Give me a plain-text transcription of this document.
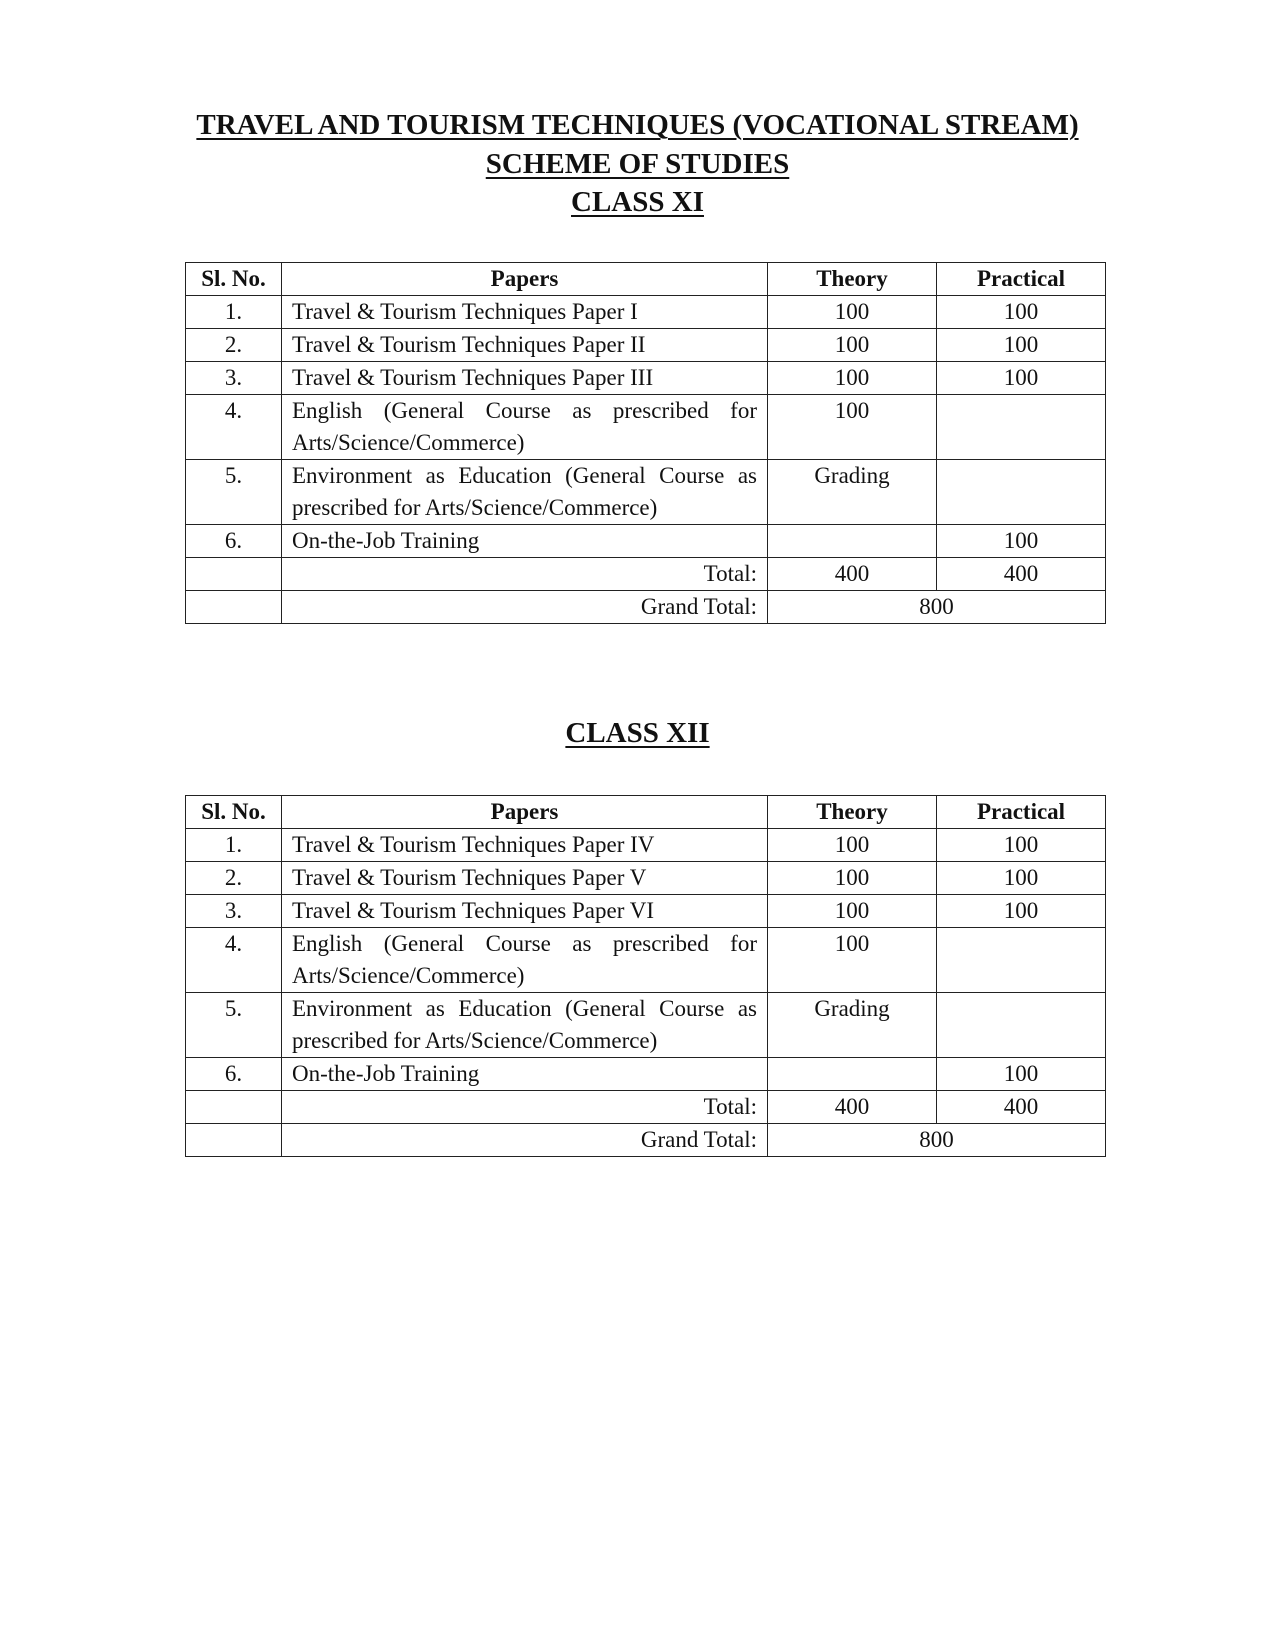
TRAVEL AND TOURISM TECHNIQUES (VOCATIONAL STREAM)
SCHEME OF STUDIES
CLASS XI
Sl. No.	Papers	Theory	Practical
1.	Travel & Tourism Techniques Paper I	100	100
2.	Travel & Tourism Techniques Paper II	100	100
3.	Travel & Tourism Techniques Paper III	100	100
4.	English (General Course as prescribed for Arts/Science/Commerce)	100	
5.	Environment as Education (General Course as prescribed for Arts/Science/Commerce)	Grading	
6.	On-the-Job Training		100
	Total:	400	400
	Grand Total:	800	
CLASS XII
Sl. No.	Papers	Theory	Practical
1.	Travel & Tourism Techniques Paper IV	100	100
2.	Travel & Tourism Techniques Paper V	100	100
3.	Travel & Tourism Techniques Paper VI	100	100
4.	English (General Course as prescribed for Arts/Science/Commerce)	100	
5.	Environment as Education (General Course as prescribed for Arts/Science/Commerce)	Grading	
6.	On-the-Job Training		100
	Total:	400	400
	Grand Total:	800	
